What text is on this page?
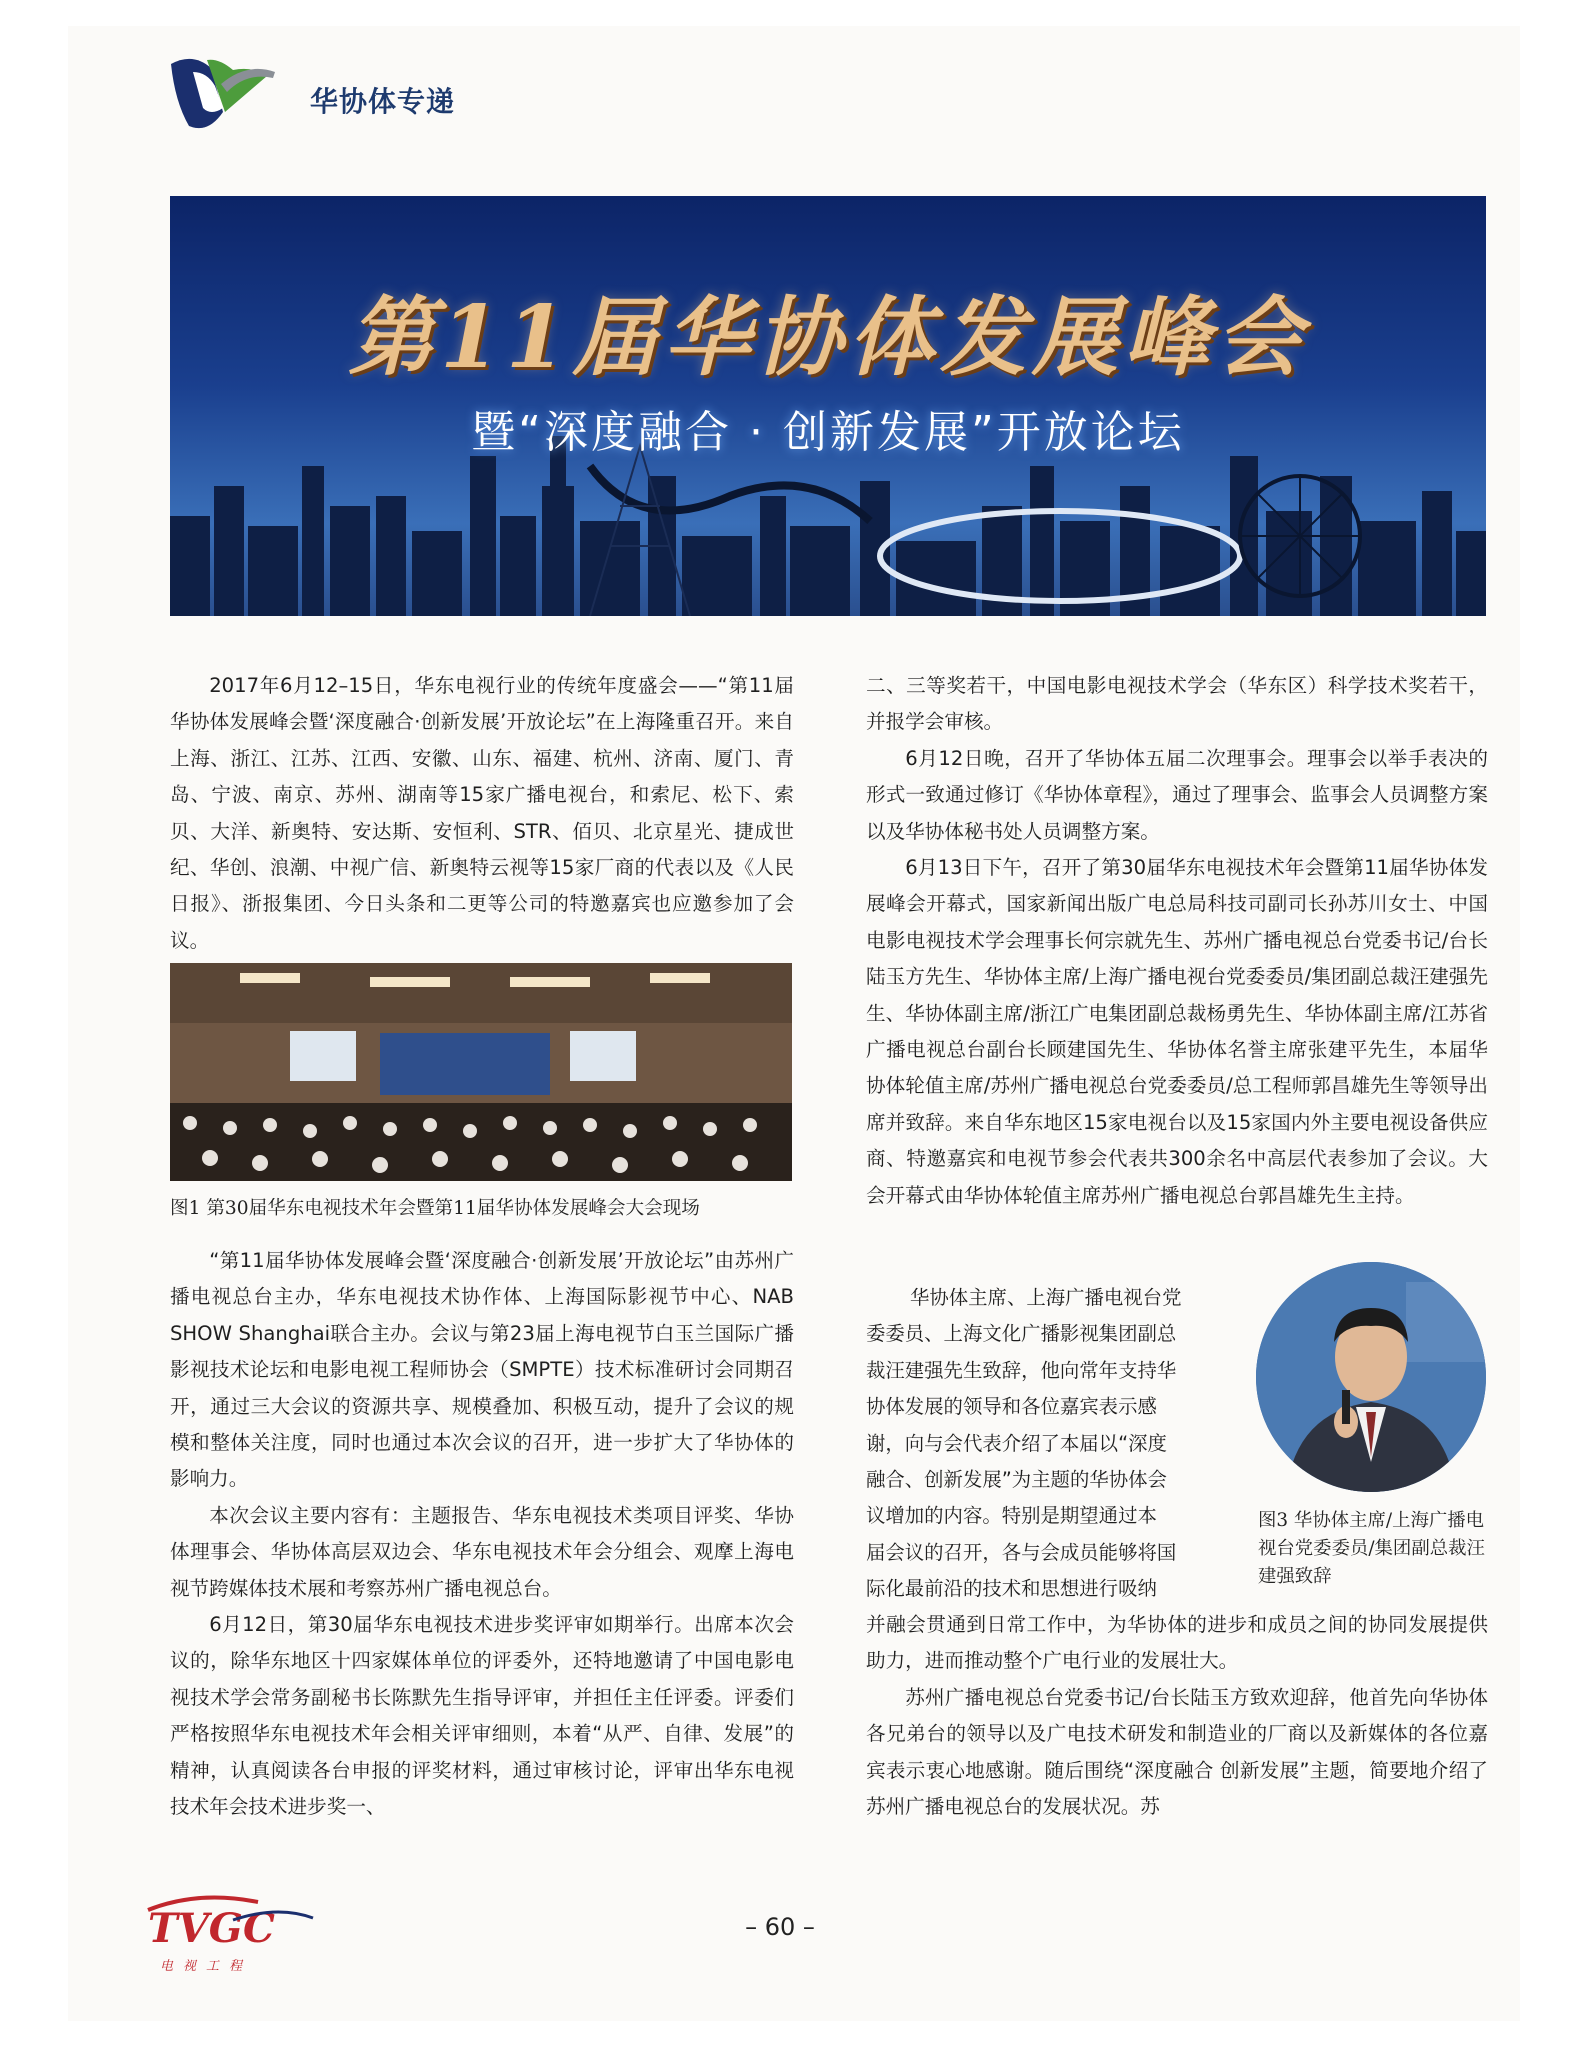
华协体专递
第11届华协体发展峰会
暨“深度融合 · 创新发展”开放论坛

2017年6月12–15日，华东电视行业的传统年度盛会——“第11届华协体发展峰会暨‘深度融合·创新发展’开放论坛”在上海隆重召开。来自上海、浙江、江苏、江西、安徽、山东、福建、杭州、济南、厦门、青岛、宁波、南京、苏州、湖南等15家广播电视台，和索尼、松下、索贝、大洋、新奥特、安达斯、安恒利、STR、佰贝、北京星光、捷成世纪、华创、浪潮、中视广信、新奥特云视等15家厂商的代表以及《人民日报》、浙报集团、今日头条和二更等公司的特邀嘉宾也应邀参加了会议。

图1 第30届华东电视技术年会暨第11届华协体发展峰会大会现场

“第11届华协体发展峰会暨‘深度融合·创新发展’开放论坛”由苏州广播电视总台主办，华东电视技术协作体、上海国际影视节中心、NAB SHOW Shanghai联合主办。会议与第23届上海电视节白玉兰国际广播影视技术论坛和电影电视工程师协会（SMPTE）技术标准研讨会同期召开，通过三大会议的资源共享、规模叠加、积极互动，提升了会议的规模和整体关注度，同时也通过本次会议的召开，进一步扩大了华协体的影响力。

本次会议主要内容有：主题报告、华东电视技术类项目评奖、华协体理事会、华协体高层双边会、华东电视技术年会分组会、观摩上海电视节跨媒体技术展和考察苏州广播电视总台。

6月12日，第30届华东电视技术进步奖评审如期举行。出席本次会议的，除华东地区十四家媒体单位的评委外，还特地邀请了中国电影电视技术学会常务副秘书长陈默先生指导评审，并担任主任评委。评委们严格按照华东电视技术年会相关评审细则，本着“从严、自律、发展”的精神，认真阅读各台申报的评奖材料，通过审核讨论，评审出华东电视技术年会技术进步奖一、

二、三等奖若干，中国电影电视技术学会（华东区）科学技术奖若干，并报学会审核。

6月12日晚，召开了华协体五届二次理事会。理事会以举手表决的形式一致通过修订《华协体章程》，通过了理事会、监事会人员调整方案以及华协体秘书处人员调整方案。

6月13日下午，召开了第30届华东电视技术年会暨第11届华协体发展峰会开幕式，国家新闻出版广电总局科技司副司长孙苏川女士、中国电影电视技术学会理事长何宗就先生、苏州广播电视总台党委书记/台长陆玉方先生、华协体主席/上海广播电视台党委委员/集团副总裁汪建强先生、华协体副主席/浙江广电集团副总裁杨勇先生、华协体副主席/江苏省广播电视总台副台长顾建国先生、华协体名誉主席张建平先生，本届华协体轮值主席/苏州广播电视总台党委委员/总工程师郭昌雄先生等领导出席并致辞。来自华东地区15家电视台以及15家国内外主要电视设备供应商、特邀嘉宾和电视节参会代表共300余名中高层代表参加了会议。大会开幕式由华协体轮值主席苏州广播电视总台郭昌雄先生主持。

华协体主席、上海广播电视台党
委委员、上海文化广播影视集团副总
裁汪建强先生致辞，他向常年支持华
协体发展的领导和各位嘉宾表示感
谢，向与会代表介绍了本届以“深度
融合、创新发展”为主题的华协体会
议增加的内容。特别是期望通过本
届会议的召开，各与会成员能够将国
际化最前沿的技术和思想进行吸纳
图3 华协体主席/上海广播电视台党委委员/集团副总裁汪建强致辞

并融会贯通到日常工作中，为华协体的进步和成员之间的协同发展提供助力，进而推动整个广电行业的发展壮大。

苏州广播电视总台党委书记/台长陆玉方致欢迎辞，他首先向华协体各兄弟台的领导以及广电技术研发和制造业的厂商以及新媒体的各位嘉宾表示衷心地感谢。随后围绕“深度融合 创新发展”主题，简要地介绍了苏州广播电视总台的发展状况。苏

TVGC
电视工程
– 60 –
